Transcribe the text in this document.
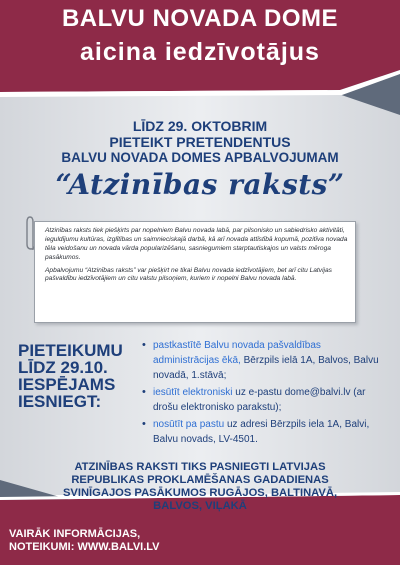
BALVU NOVADA DOME
aicina iedzīvotājus
LĪDZ 29. OKTOBRIM
PIETEIKT PRETENDENTUS
BALVU NOVADA DOMES APBALVOJUMAM
“Atzinības raksts”

Atzinības raksts tiek piešķirts par nopelniem Balvu novada labā, par pilsonisko un sabiedrisko aktivitāti, ieguldījumu kultūras, izglītības un saimnieciskajā darbā, kā arī novada attīstībā kopumā, pozitīva novada tēla veidošanu un novada vārda popularizēšanu, sasniegumiem starptautiskajos un valsts mēroga pasākumos.

Apbalvojumu “Atzinības raksts” var piešķirt ne tikai Balvu novada iedzīvotājiem, bet arī citu Latvijas pašvaldību iedzīvotājiem un citu valstu pilsoņiem, kuriem ir nopelni Balvu novada labā.

PIETEIKUMU
LĪDZ 29.10.
IESPĒJAMS
IESNIEGT:
• pastkastītē Balvu novada pašvaldības administrācijas ēkā, Bērzpils ielā 1A, Balvos, Balvu novadā, 1.stāvā;
• iesūtīt elektroniski uz e-pastu dome@balvi.lv (ar drošu elektronisko parakstu);
• nosūtīt pa pastu uz adresi Bērzpils iela 1A, Balvi, Balvu novads, LV-4501.
ATZINĪBAS RAKSTI TIKS PASNIEGTI LATVIJAS
REPUBLIKAS PROKLAMĒŠANAS GADADIENAS
SVINĪGAJOS PASĀKUMOS RUGĀJOS, BALTINAVĀ,
BALVOS, VIĻAKĀ
VAIRĀK INFORMĀCIJAS,
NOTEIKUMI: WWW.BALVI.LV
